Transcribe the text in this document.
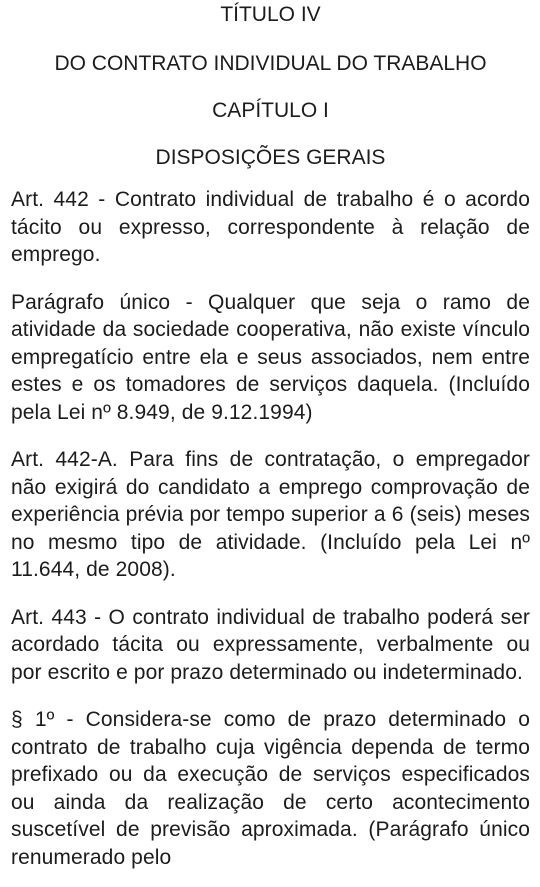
TÍTULO IV

DO CONTRATO INDIVIDUAL DO TRABALHO

CAPÍTULO I

DISPOSIÇÕES GERAIS

Art. 442 - Contrato individual de trabalho é o acordo tácito ou expresso, correspondente à relação de emprego.

Parágrafo único - Qualquer que seja o ramo de atividade da sociedade cooperativa, não existe vínculo empregatício entre ela e seus associados, nem entre estes e os tomadores de serviços daquela. (Incluído pela Lei nº 8.949, de 9.12.1994)

Art. 442-A. Para fins de contratação, o empregador não exigirá do candidato a emprego comprovação de experiência prévia por tempo superior a 6 (seis) meses no mesmo tipo de atividade. (Incluído pela Lei nº 11.644, de 2008).

Art. 443 - O contrato individual de trabalho poderá ser acordado tácita ou expressamente, verbalmente ou por escrito e por prazo determinado ou indeterminado.

§ 1º - Considera-se como de prazo determinado o contrato de trabalho cuja vigência dependa de termo prefixado ou da execução de serviços especificados ou ainda da realização de certo acontecimento suscetível de previsão aproximada. (Parágrafo único renumerado pelo
